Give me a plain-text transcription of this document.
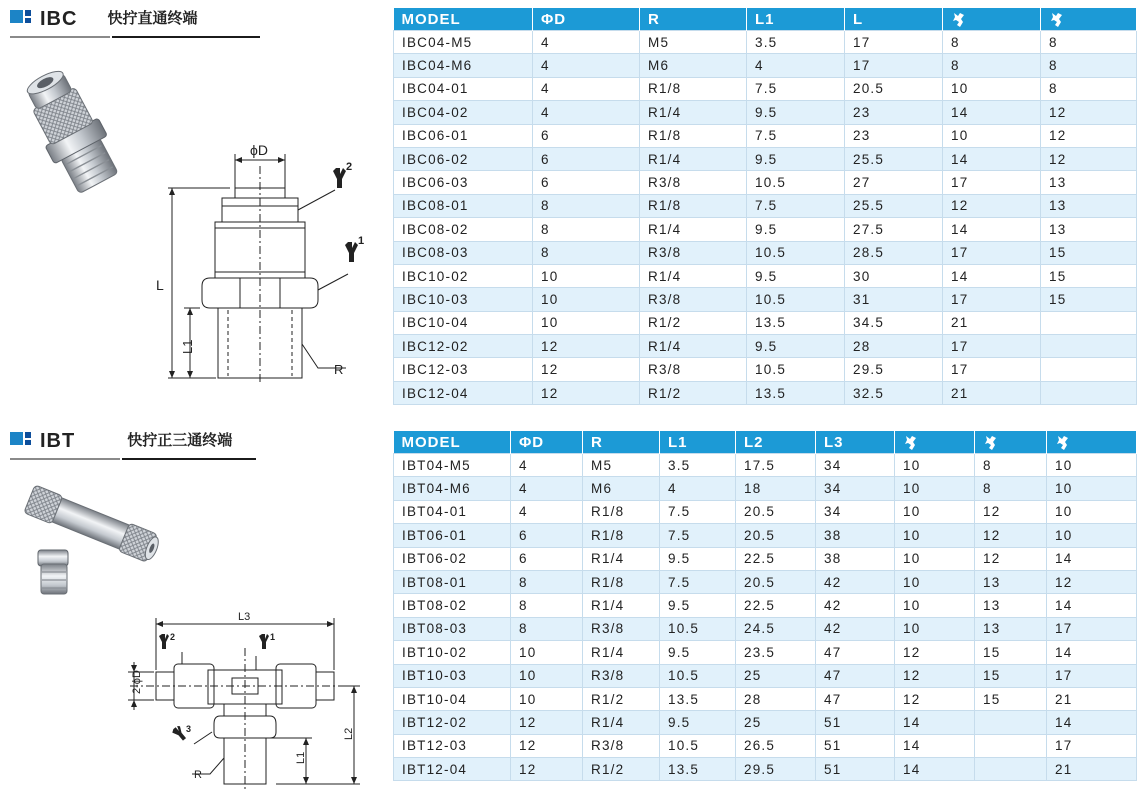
IBC 快拧直通终端
ϕD
L
L1
R
2
1
MODEL	ΦD	R	L1	L		
IBC04-M5	4	M5	3.5	17	8	8
IBC04-M6	4	M6	4	17	8	8
IBC04-01	4	R1/8	7.5	20.5	10	8
IBC04-02	4	R1/4	9.5	23	14	12
IBC06-01	6	R1/8	7.5	23	10	12
IBC06-02	6	R1/4	9.5	25.5	14	12
IBC06-03	6	R3/8	10.5	27	17	13
IBC08-01	8	R1/8	7.5	25.5	12	13
IBC08-02	8	R1/4	9.5	27.5	14	13
IBC08-03	8	R3/8	10.5	28.5	17	15
IBC10-02	10	R1/4	9.5	30	14	15
IBC10-03	10	R3/8	10.5	31	17	15
IBC10-04	10	R1/2	13.5	34.5	21	
IBC12-02	12	R1/4	9.5	28	17	
IBC12-03	12	R3/8	10.5	29.5	17	
IBC12-04	12	R1/2	13.5	32.5	21	
IBT	快拧正三通终端
L3
2-ϕD
L2
L1
R
2	1
3
MODEL	ΦD	R	L1	L2	L3			
IBT04-M5	4	M5	3.5	17.5	34	10	8	10
IBT04-M6	4	M6	4	18	34	10	8	10
IBT04-01	4	R1/8	7.5	20.5	34	10	12	10
IBT06-01	6	R1/8	7.5	20.5	38	10	12	10
IBT06-02	6	R1/4	9.5	22.5	38	10	12	14
IBT08-01	8	R1/8	7.5	20.5	42	10	13	12
IBT08-02	8	R1/4	9.5	22.5	42	10	13	14
IBT08-03	8	R3/8	10.5	24.5	42	10	13	17
IBT10-02	10	R1/4	9.5	23.5	47	12	15	14
IBT10-03	10	R3/8	10.5	25	47	12	15	17
IBT10-04	10	R1/2	13.5	28	47	12	15	21
IBT12-02	12	R1/4	9.5	25	51	14		14
IBT12-03	12	R3/8	10.5	26.5	51	14		17
IBT12-04	12	R1/2	13.5	29.5	51	14		21
